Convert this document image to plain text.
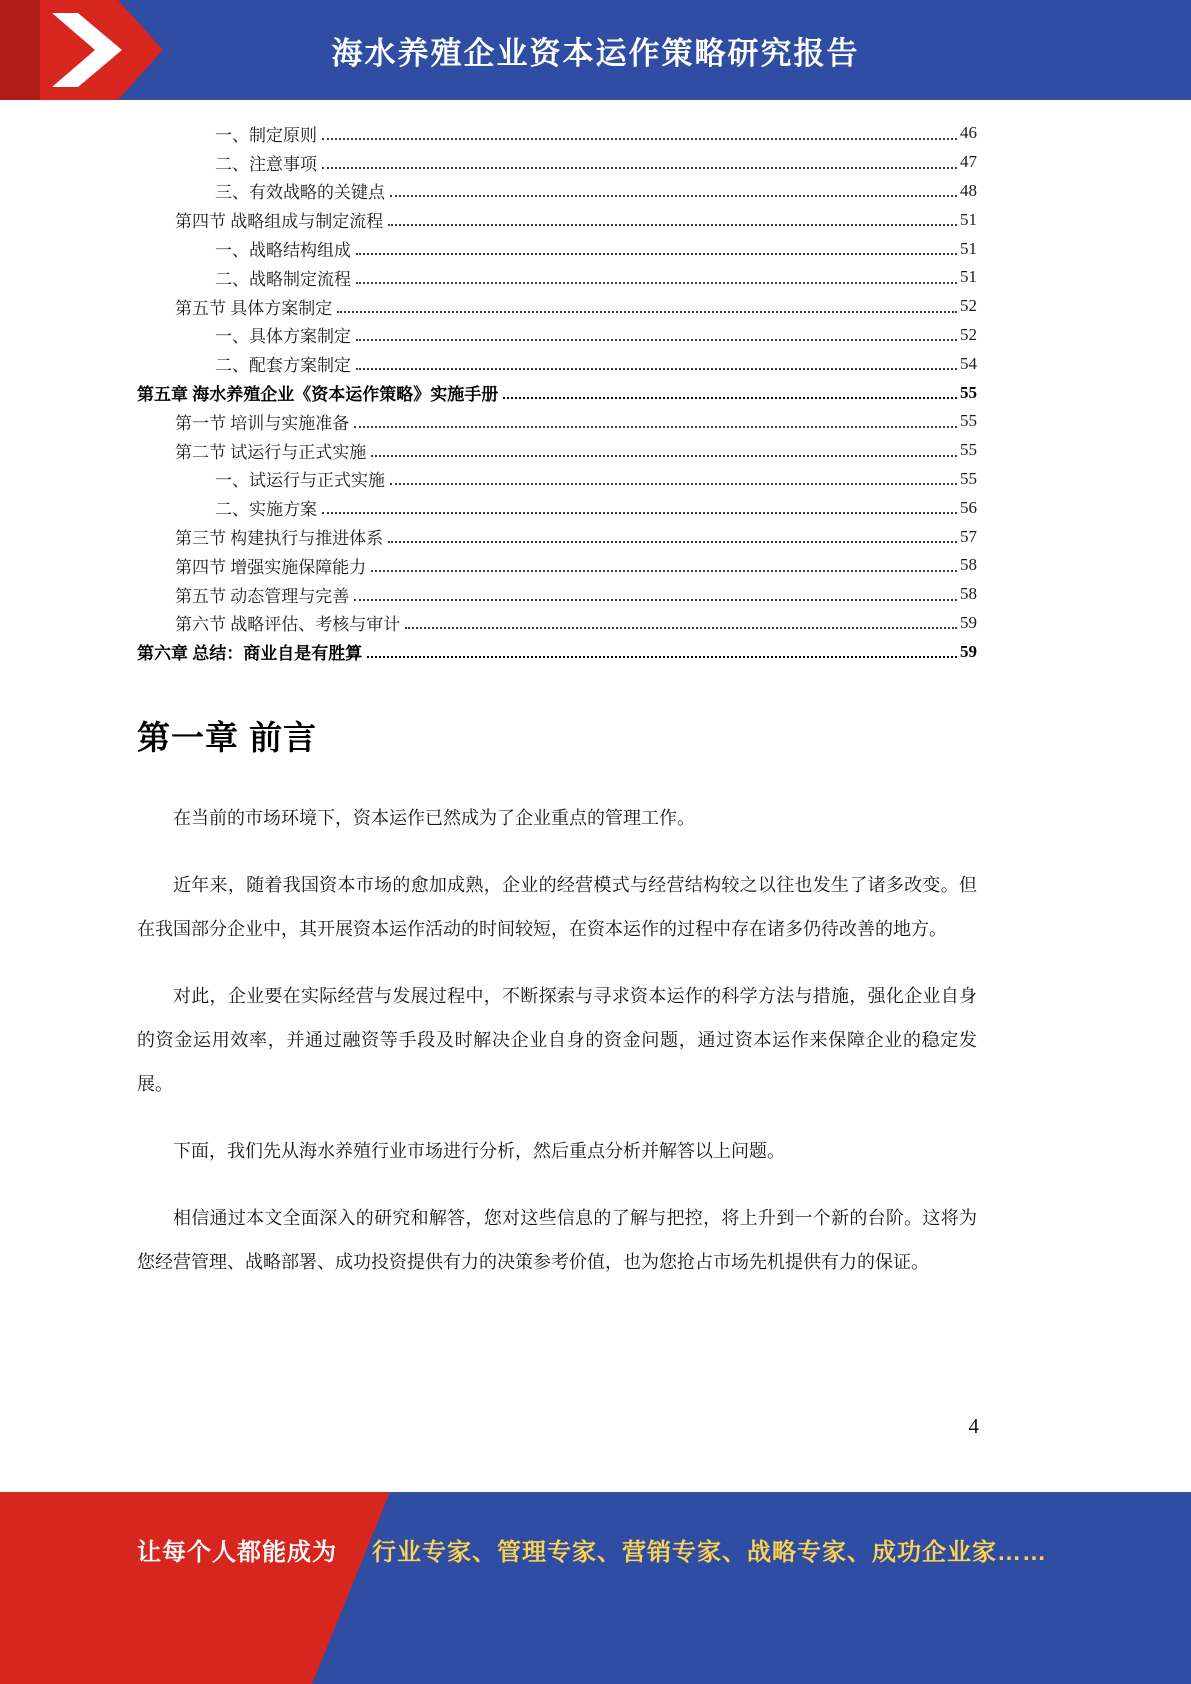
海水养殖企业资本运作策略研究报告
一、制定原则	46
二、注意事项	47
三、有效战略的关键点	48
第四节 战略组成与制定流程	51
一、战略结构组成	51
二、战略制定流程	51
第五节 具体方案制定	52
一、具体方案制定	52
二、配套方案制定	54
第五章 海水养殖企业《资本运作策略》实施手册	55
第一节 培训与实施准备	55
第二节 试运行与正式实施	55
一、试运行与正式实施	55
二、实施方案	56
第三节 构建执行与推进体系	57
第四节 增强实施保障能力	58
第五节 动态管理与完善	58
第六节 战略评估、考核与审计	59
第六章 总结：商业自是有胜算	59
第一章 前言

在当前的市场环境下，资本运作已然成为了企业重点的管理工作。

近年来，随着我国资本市场的愈加成熟，企业的经营模式与经营结构较之以往也发生了诸多改变。但在我国部分企业中，其开展资本运作活动的时间较短，在资本运作的过程中存在诸多仍待改善的地方。

对此，企业要在实际经营与发展过程中，不断探索与寻求资本运作的科学方法与措施，强化企业自身的资金运用效率，并通过融资等手段及时解决企业自身的资金问题，通过资本运作来保障企业的稳定发展。

下面，我们先从海水养殖行业市场进行分析，然后重点分析并解答以上问题。

相信通过本文全面深入的研究和解答，您对这些信息的了解与把控，将上升到一个新的台阶。这将为您经营管理、战略部署、成功投资提供有力的决策参考价值，也为您抢占市场先机提供有力的保证。

4
让每个人都能成为 行业专家、管理专家、营销专家、战略专家、成功企业家……
